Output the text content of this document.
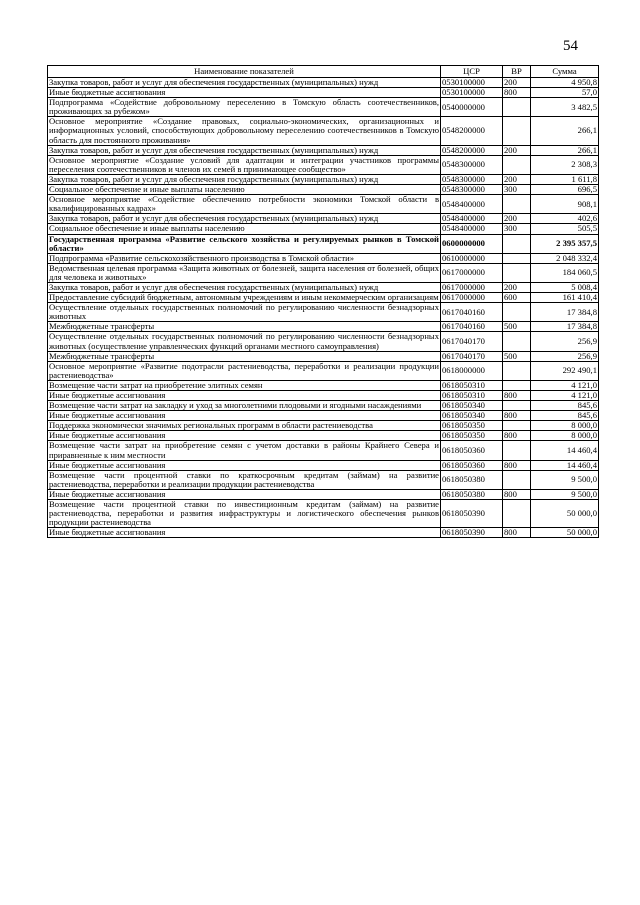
54
Наименование показателей	ЦСР	ВР	Сумма
Закупка товаров, работ и услуг для обеспечения государственных (муниципальных) нужд	0530100000	200	4 950,8
Иные бюджетные ассигнования	0530100000	800	57,0
Подпрограмма «Содействие добровольному переселению в Томскую область соотечественников, проживающих за рубежом»	0540000000		3 482,5
Основное мероприятие «Создание правовых, социально-экономических, организационных и информационных условий, способствующих добровольному переселению соотечественников в Томскую область для постоянного проживания»	0548200000		266,1
Закупка товаров, работ и услуг для обеспечения государственных (муниципальных) нужд	0548200000	200	266,1
Основное мероприятие «Создание условий для адаптации и интеграции участников программы переселения соотечественников и членов их семей в принимающее сообщество»	0548300000		2 308,3
Закупка товаров, работ и услуг для обеспечения государственных (муниципальных) нужд	0548300000	200	1 611,8
Социальное обеспечение и иные выплаты населению	0548300000	300	696,5
Основное мероприятие «Содействие обеспечению потребности экономики Томской области в квалифицированных кадрах»	0548400000		908,1
Закупка товаров, работ и услуг для обеспечения государственных (муниципальных) нужд	0548400000	200	402,6
Социальное обеспечение и иные выплаты населению	0548400000	300	505,5
Государственная программа «Развитие сельского хозяйства и регулируемых рынков в Томской области»	0600000000		2 395 357,5
Подпрограмма «Развитие сельскохозяйственного производства в Томской области»	0610000000		2 048 332,4
Ведомственная целевая программа «Защита животных от болезней, защита населения от болезней, общих для человека и животных»	0617000000		184 060,5
Закупка товаров, работ и услуг для обеспечения государственных (муниципальных) нужд	0617000000	200	5 008,4
Предоставление субсидий бюджетным, автономным учреждениям и иным некоммерческим организациям	0617000000	600	161 410,4
Осуществление отдельных государственных полномочий по регулированию численности безнадзорных животных	0617040160		17 384,8
Межбюджетные трансферты	0617040160	500	17 384,8
Осуществление отдельных государственных полномочий по регулированию численности безнадзорных животных (осуществление управленческих функций органами местного самоуправления)	0617040170		256,9
Межбюджетные трансферты	0617040170	500	256,9
Основное мероприятие «Развитие подотрасли растениеводства, переработки и реализации продукции растениеводства»	0618000000		292 490,1
Возмещение части затрат на приобретение элитных семян	0618050310		4 121,0
Иные бюджетные ассигнования	0618050310	800	4 121,0
Возмещение части затрат на закладку и уход за многолетними плодовыми и ягодными насаждениями	0618050340		845,6
Иные бюджетные ассигнования	0618050340	800	845,6
Поддержка экономически значимых региональных программ в области растениеводства	0618050350		8 000,0
Иные бюджетные ассигнования	0618050350	800	8 000,0
Возмещение части затрат на приобретение семян с учетом доставки в районы Крайнего Севера и приравненные к ним местности	0618050360		14 460,4
Иные бюджетные ассигнования	0618050360	800	14 460,4
Возмещение части процентной ставки по краткосрочным кредитам (займам) на развитие растениеводства, переработки и реализации продукции растениеводства	0618050380		9 500,0
Иные бюджетные ассигнования	0618050380	800	9 500,0
Возмещение части процентной ставки по инвестиционным кредитам (займам) на развитие растениеводства, переработки и развития инфраструктуры и логистического обеспечения рынков продукции растениеводства	0618050390		50 000,0
Иные бюджетные ассигнования	0618050390	800	50 000,0
